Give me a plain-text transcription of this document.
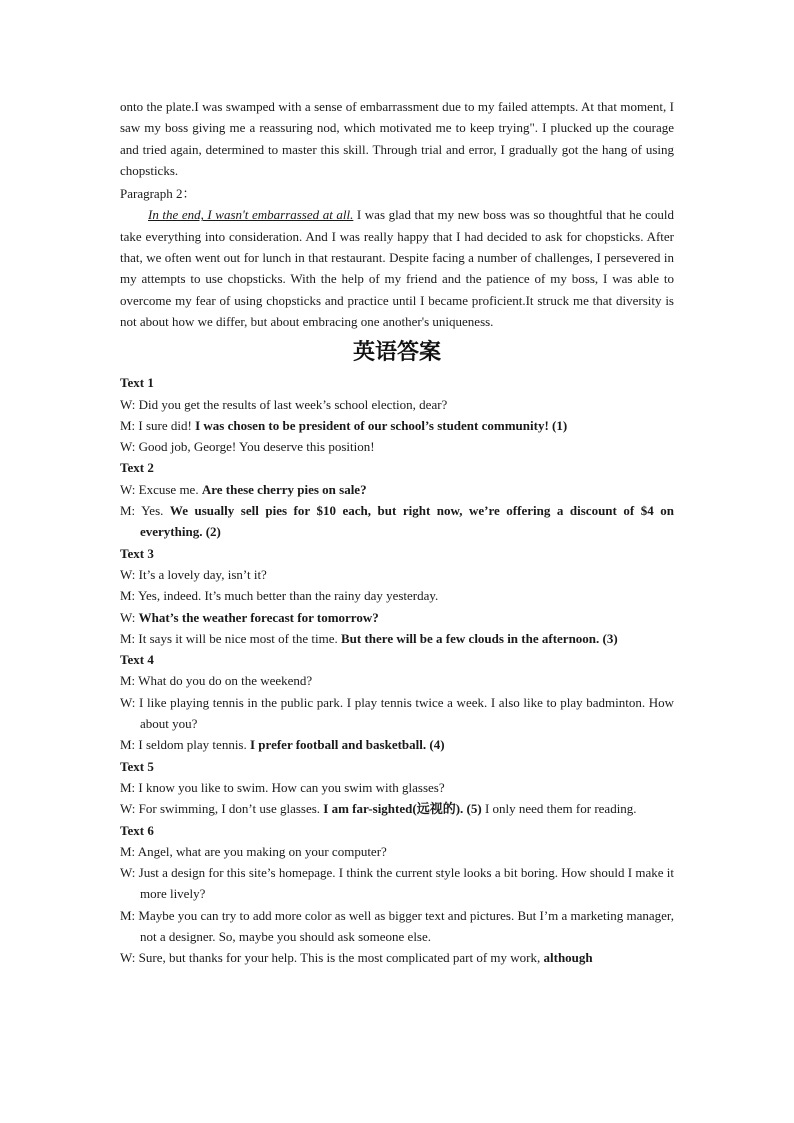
onto the plate.I was swamped with a sense of embarrassment due to my failed attempts. At that moment, I saw my boss giving me a reassuring nod, which motivated me to keep trying". I plucked up the courage and tried again, determined to master this skill. Through trial and error, I gradually got the hang of using chopsticks.

Paragraph 2：

In the end, I wasn't embarrassed at all. I was glad that my new boss was so thoughtful that he could take everything into consideration. And I was really happy that I had decided to ask for chopsticks. After that, we often went out for lunch in that restaurant. Despite facing a number of challenges, I persevered in my attempts to use chopsticks. With the help of my friend and the patience of my boss, I was able to overcome my fear of using chopsticks and practice until I became proficient.It struck me that diversity is not about how we differ, but about embracing one another's uniqueness.

英语答案

Text 1

W: Did you get the results of last week’s school election, dear?

M: I sure did! I was chosen to be president of our school’s student community! (1)

W: Good job, George! You deserve this position!

Text 2

W: Excuse me. Are these cherry pies on sale?

M: Yes. We usually sell pies for $10 each, but right now, we’re offering a discount of $4 on everything. (2)

Text 3

W: It’s a lovely day, isn’t it?

M: Yes, indeed. It’s much better than the rainy day yesterday.

W: What’s the weather forecast for tomorrow?

M: It says it will be nice most of the time. But there will be a few clouds in the afternoon. (3)

Text 4

M: What do you do on the weekend?

W: I like playing tennis in the public park. I play tennis twice a week. I also like to play badminton. How about you?

M: I seldom play tennis. I prefer football and basketball. (4)

Text 5

M: I know you like to swim. How can you swim with glasses?

W: For swimming, I don’t use glasses. I am far-sighted(远视的). (5) I only need them for reading.

Text 6

M: Angel, what are you making on your computer?

W: Just a design for this site’s homepage. I think the current style looks a bit boring. How should I make it more lively?

M: Maybe you can try to add more color as well as bigger text and pictures. But I’m a marketing manager, not a designer. So, maybe you should ask someone else.

W: Sure, but thanks for your help. This is the most complicated part of my work, although
